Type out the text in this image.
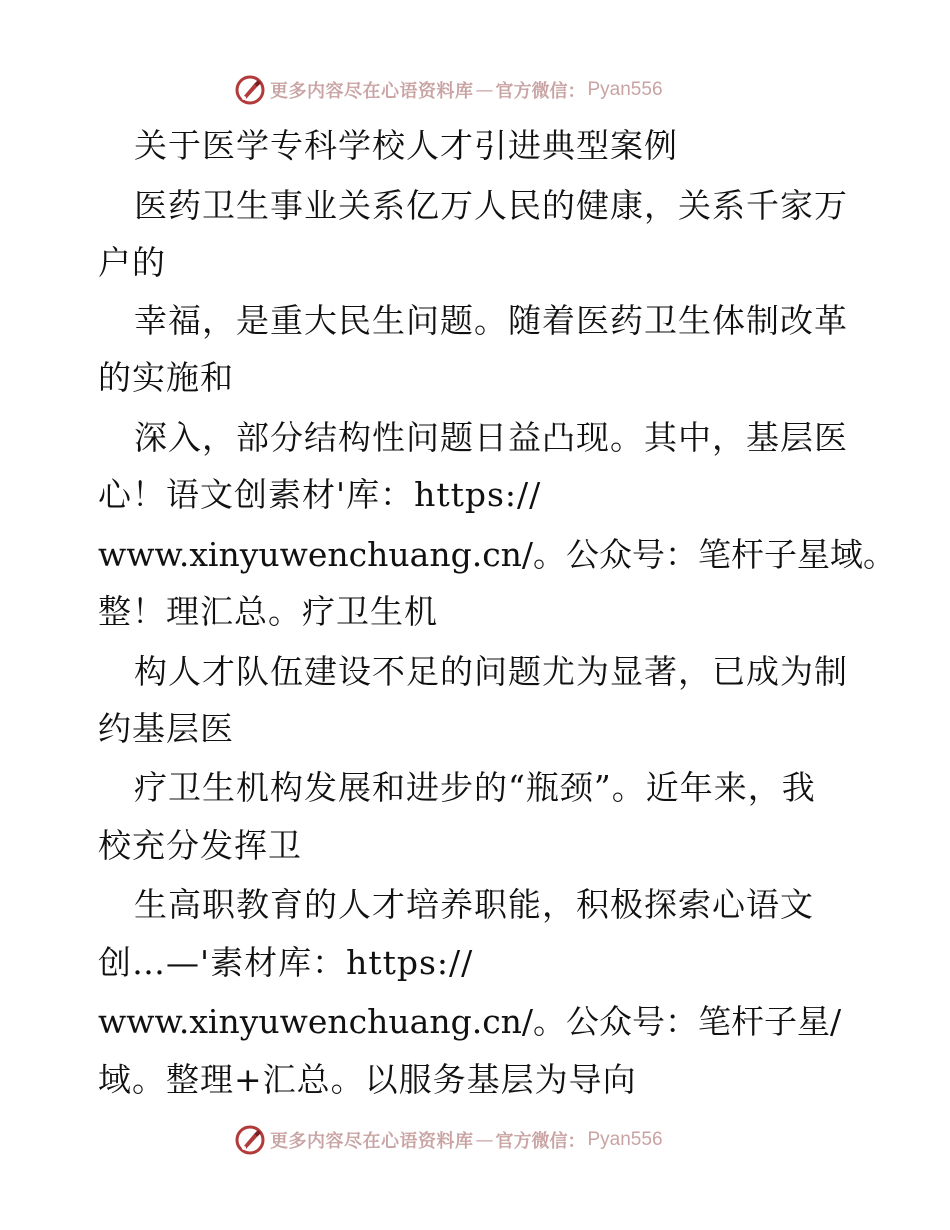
更多内容尽在心语资料库 — 官方微信： Pyan556
关于医学专科学校人才引进典型案例
医药卫生事业关系亿万人民的健康，关系千家万
户的
幸福，是重大民生问题。随着医药卫生体制改革
的实施和
深入，部分结构性问题日益凸现。其中，基层医
心！语文创素材'库：https://
www.xinyuwenchuang.cn/。公众号：笔杆子星域。
整！理汇总。疗卫生机
构人才队伍建设不足的问题尤为显著，已成为制
约基层医
疗卫生机构发展和进步的“瓶颈”。近年来，我
校充分发挥卫
生高职教育的人才培养职能，积极探索心语文
创…—'素材库：https://
www.xinyuwenchuang.cn/。公众号：笔杆子星/
域。整理+汇总。以服务基层为导向
更多内容尽在心语资料库 — 官方微信： Pyan556
